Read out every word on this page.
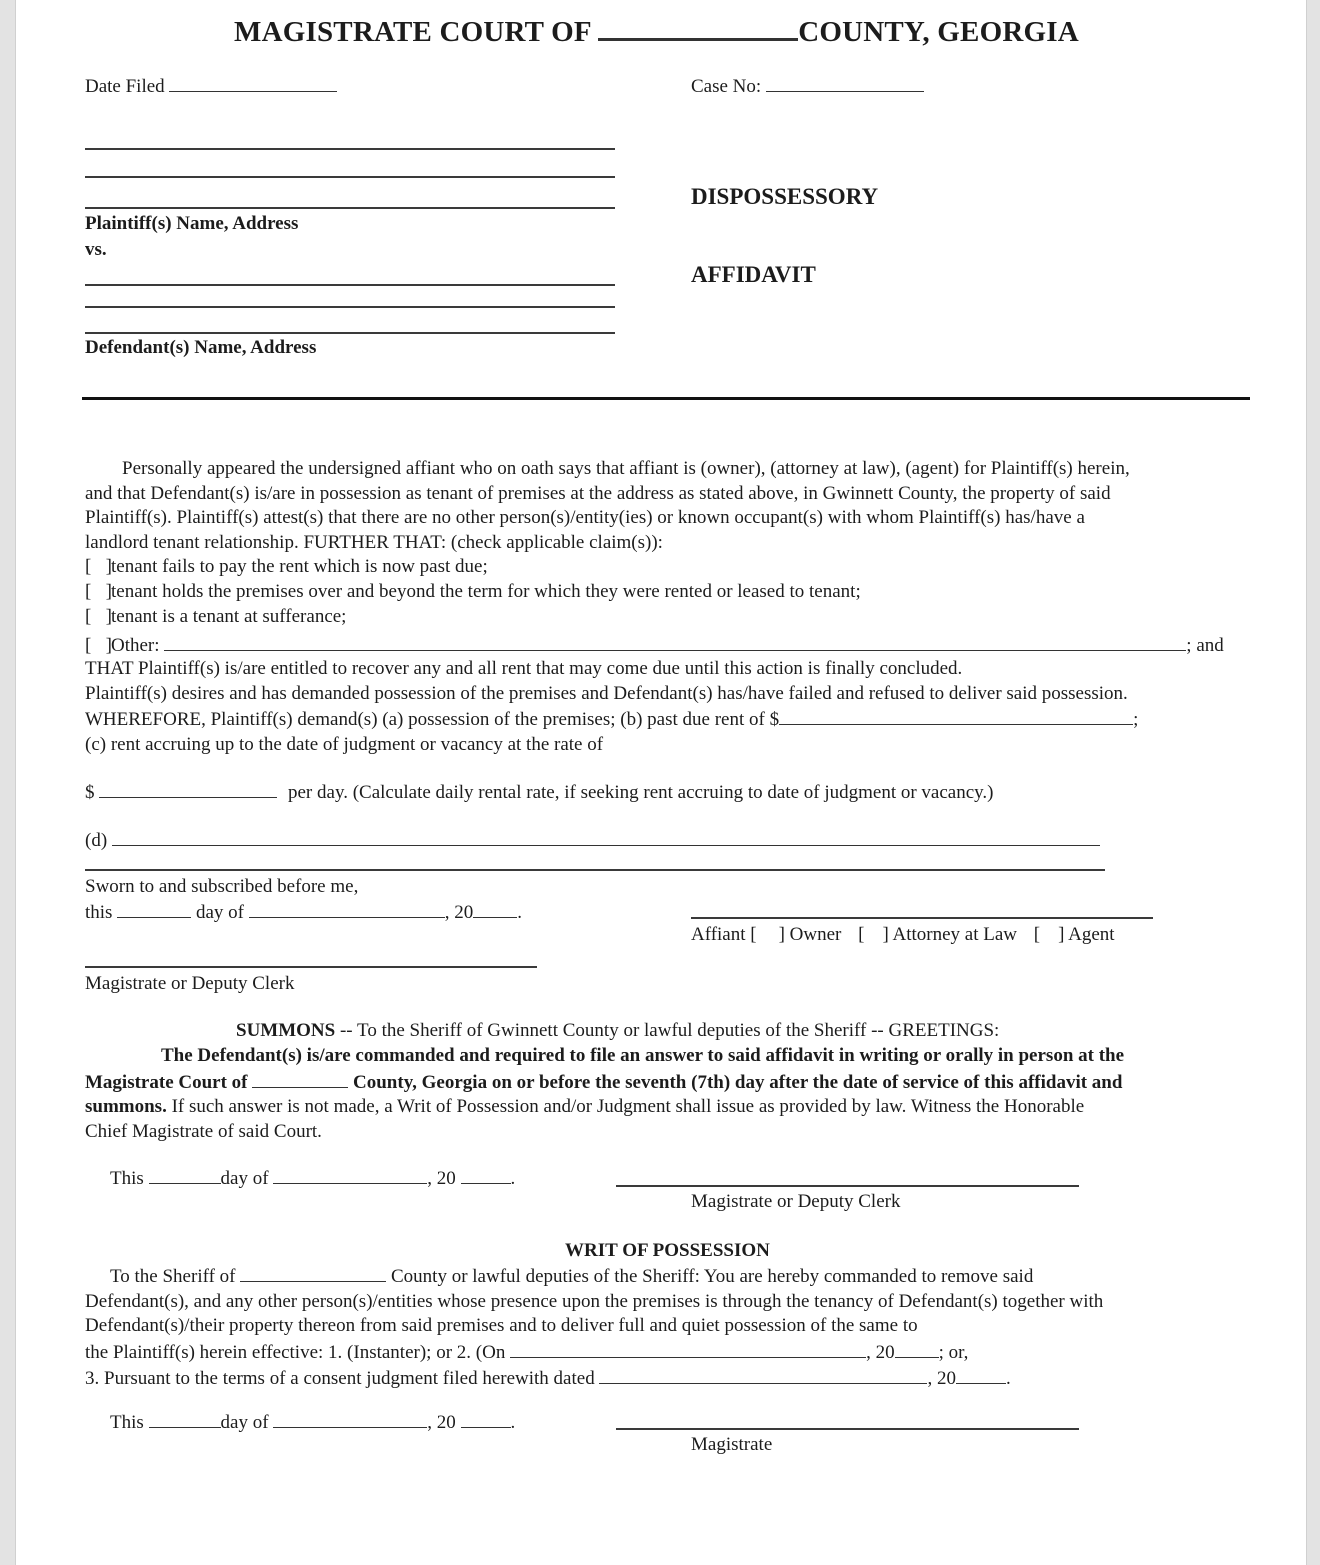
MAGISTRATE COURT OF	COUNTY, GEORGIA
Date Filed	Case No:
Plaintiff(s) Name, Address
vs.
Defendant(s) Name, Address
DISPOSSESSORY
AFFIDAVIT
Personally appeared the undersigned affiant who on oath says that affiant is (owner), (attorney at law), (agent) for Plaintiff(s) herein,
and that Defendant(s) is/are in possession as tenant of premises at the address as stated above, in Gwinnett County, the property of said
Plaintiff(s). Plaintiff(s) attest(s) that there are no other person(s)/entity(ies) or known occupant(s) with whom Plaintiff(s) has/have a
landlord tenant relationship. FURTHER THAT: (check applicable claim(s)):
[   ]tenant fails to pay the rent which is now past due;
[   ]tenant holds the premises over and beyond the term for which they were rented or leased to tenant;
[   ]tenant is a tenant at sufferance;
[   ]Other:	; and
THAT Plaintiff(s) is/are entitled to recover any and all rent that may come due until this action is finally concluded.
Plaintiff(s) desires and has demanded possession of the premises and Defendant(s) has/have failed and refused to deliver said possession.
WHEREFORE, Plaintiff(s) demand(s) (a) possession of the premises; (b) past due rent of $	;
(c) rent accruing up to the date of judgment or vacancy at the rate of
$	per day. (Calculate daily rental rate, if seeking rent accruing to date of judgment or vacancy.)
(d)
Sworn to and subscribed before me,
this	day of	, 20 .
Affiant [ ] Owner [ ] Attorney at Law [ ] Agent
Magistrate or Deputy Clerk
SUMMONS -- To the Sheriff of Gwinnett County or lawful deputies of the Sheriff -- GREETINGS:
The Defendant(s) is/are commanded and required to file an answer to said affidavit in writing or orally in person at the
Magistrate Court of	County, Georgia on or before the seventh (7th) day after the date of service of this affidavit and
summons. If such answer is not made, a Writ of Possession and/or Judgment shall issue as provided by law. Witness the Honorable
Chief Magistrate of said Court.
This	day of	, 20	.
Magistrate or Deputy Clerk
WRIT OF POSSESSION
To the Sheriff of	County or lawful deputies of the Sheriff: You are hereby commanded to remove said
Defendant(s), and any other person(s)/entities whose presence upon the premises is through the tenancy of Defendant(s) together with
Defendant(s)/their property thereon from said premises and to deliver full and quiet possession of the same to
the Plaintiff(s) herein effective: 1. (Instanter); or 2. (On	, 20 ; or,
3. Pursuant to the terms of a consent judgment filed herewith dated	, 20	.
This	day of	, 20	.
Magistrate
